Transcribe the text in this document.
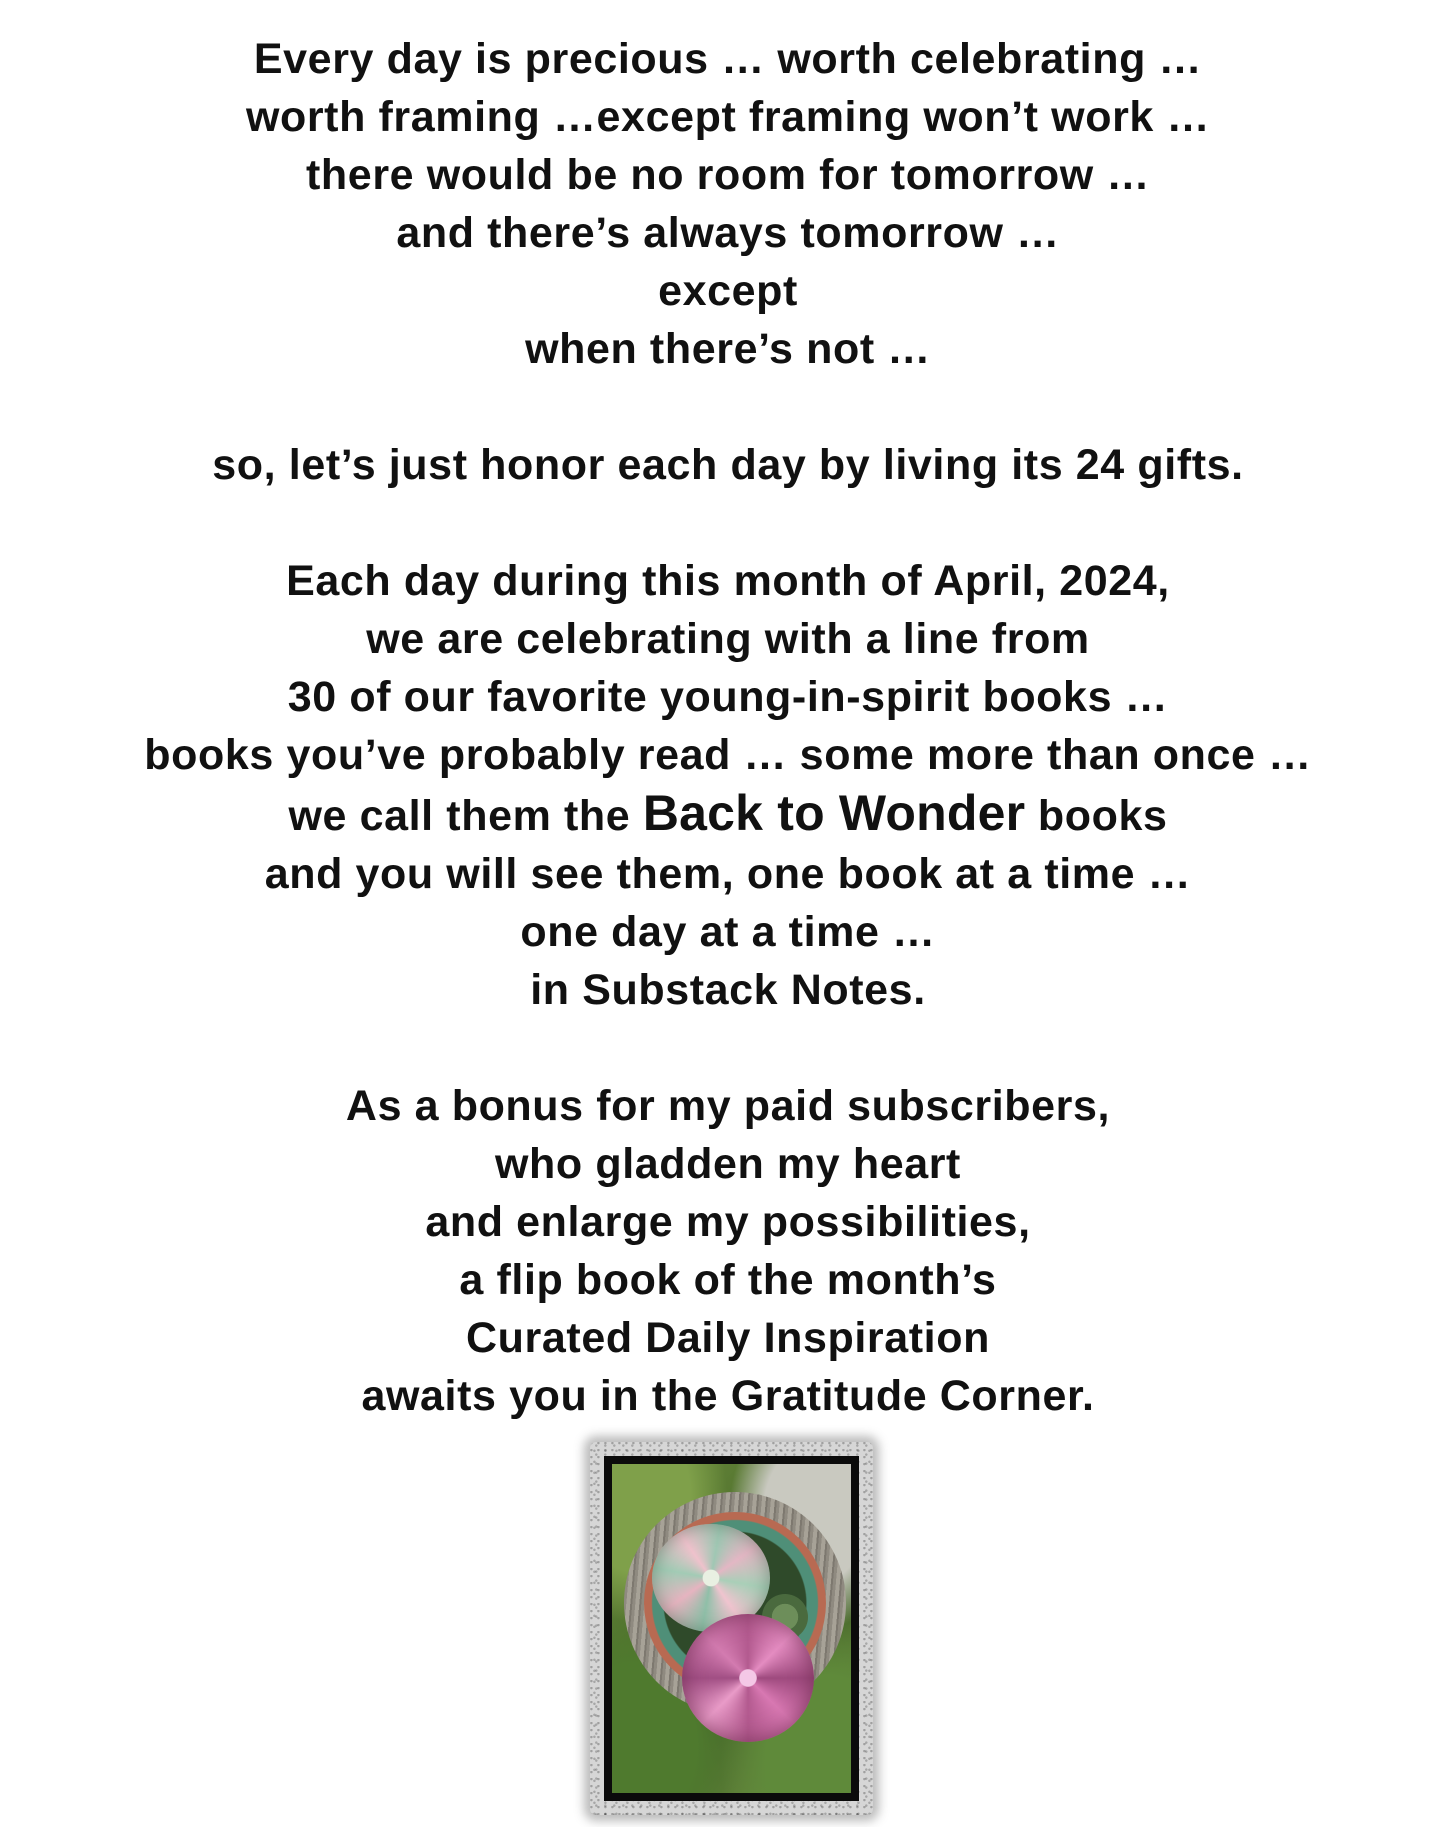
Every day is precious … worth celebrating …
worth framing …except framing won’t work …
there would be no room for tomorrow …
and there’s always tomorrow …
except
when there’s not …
so, let’s just honor each day by living its 24 gifts.
Each day during this month of April, 2024,
we are celebrating with a line from
30 of our favorite young-in-spirit books …
books you’ve probably read … some more than once …
we call them the Back to Wonder books
and you will see them, one book at a time …
one day at a time …
in Substack Notes.
As a bonus for my paid subscribers,
who gladden my heart
and enlarge my possibilities,
a flip book of the month’s
Curated Daily Inspiration
awaits you in the Gratitude Corner.
